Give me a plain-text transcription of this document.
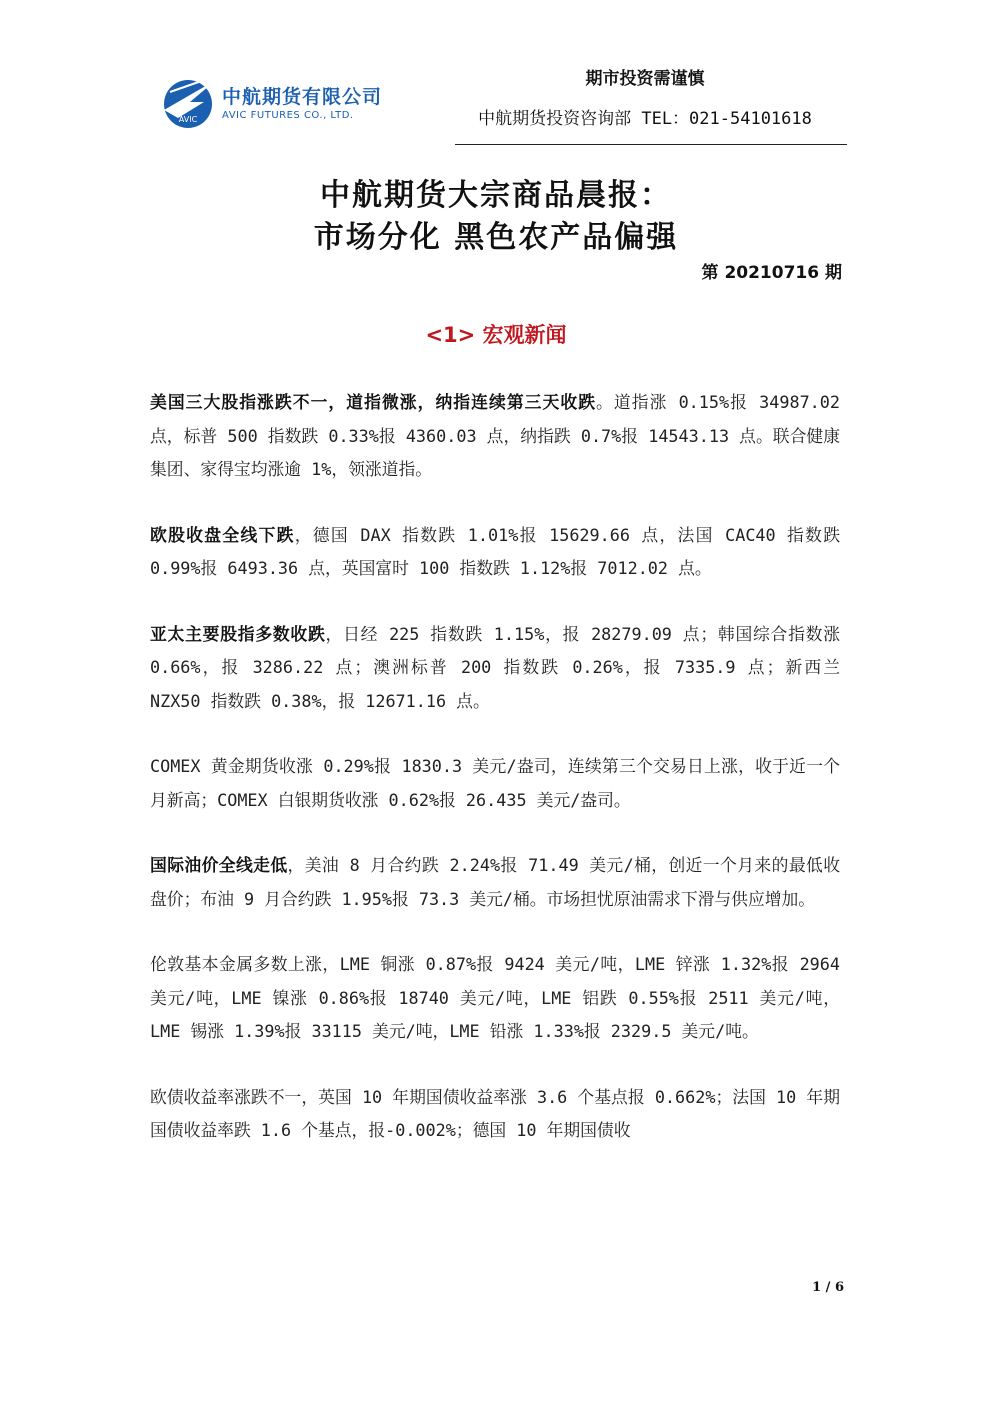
AVIC
中航期货有限公司
AVIC FUTURES CO., LTD.
期市投资需谨慎
中航期货投资咨询部 TEL：021-54101618
中航期货大宗商品晨报：
市场分化 黑色农产品偏强
第 20210716 期
<1> 宏观新闻

美国三大股指涨跌不一，道指微涨，纳指连续第三天收跌。道指涨 0.15%报 34987.02 点，标普 500 指数跌 0.33%报 4360.03 点，纳指跌 0.7%报 14543.13 点。联合健康集团、家得宝均涨逾 1%，领涨道指。

欧股收盘全线下跌，德国 DAX 指数跌 1.01%报 15629.66 点，法国 CAC40 指数跌 0.99%报 6493.36 点，英国富时 100 指数跌 1.12%报 7012.02 点。

亚太主要股指多数收跌，日经 225 指数跌 1.15%，报 28279.09 点；韩国综合指数涨 0.66%，报 3286.22 点；澳洲标普 200 指数跌 0.26%，报 7335.9 点；新西兰 NZX50 指数跌 0.38%，报 12671.16 点。

COMEX 黄金期货收涨 0.29%报 1830.3 美元/盎司，连续第三个交易日上涨，收于近一个月新高；COMEX 白银期货收涨 0.62%报 26.435 美元/盎司。

国际油价全线走低，美油 8 月合约跌 2.24%报 71.49 美元/桶，创近一个月来的最低收盘价；布油 9 月合约跌 1.95%报 73.3 美元/桶。市场担忧原油需求下滑与供应增加。

伦敦基本金属多数上涨，LME 铜涨 0.87%报 9424 美元/吨，LME 锌涨 1.32%报 2964 美元/吨，LME 镍涨 0.86%报 18740 美元/吨，LME 铝跌 0.55%报 2511 美元/吨，LME 锡涨 1.39%报 33115 美元/吨，LME 铅涨 1.33%报 2329.5 美元/吨。

欧债收益率涨跌不一，英国 10 年期国债收益率涨 3.6 个基点报 0.662%；法国 10 年期国债收益率跌 1.6 个基点，报-0.002%；德国 10 年期国债收

1 / 6
